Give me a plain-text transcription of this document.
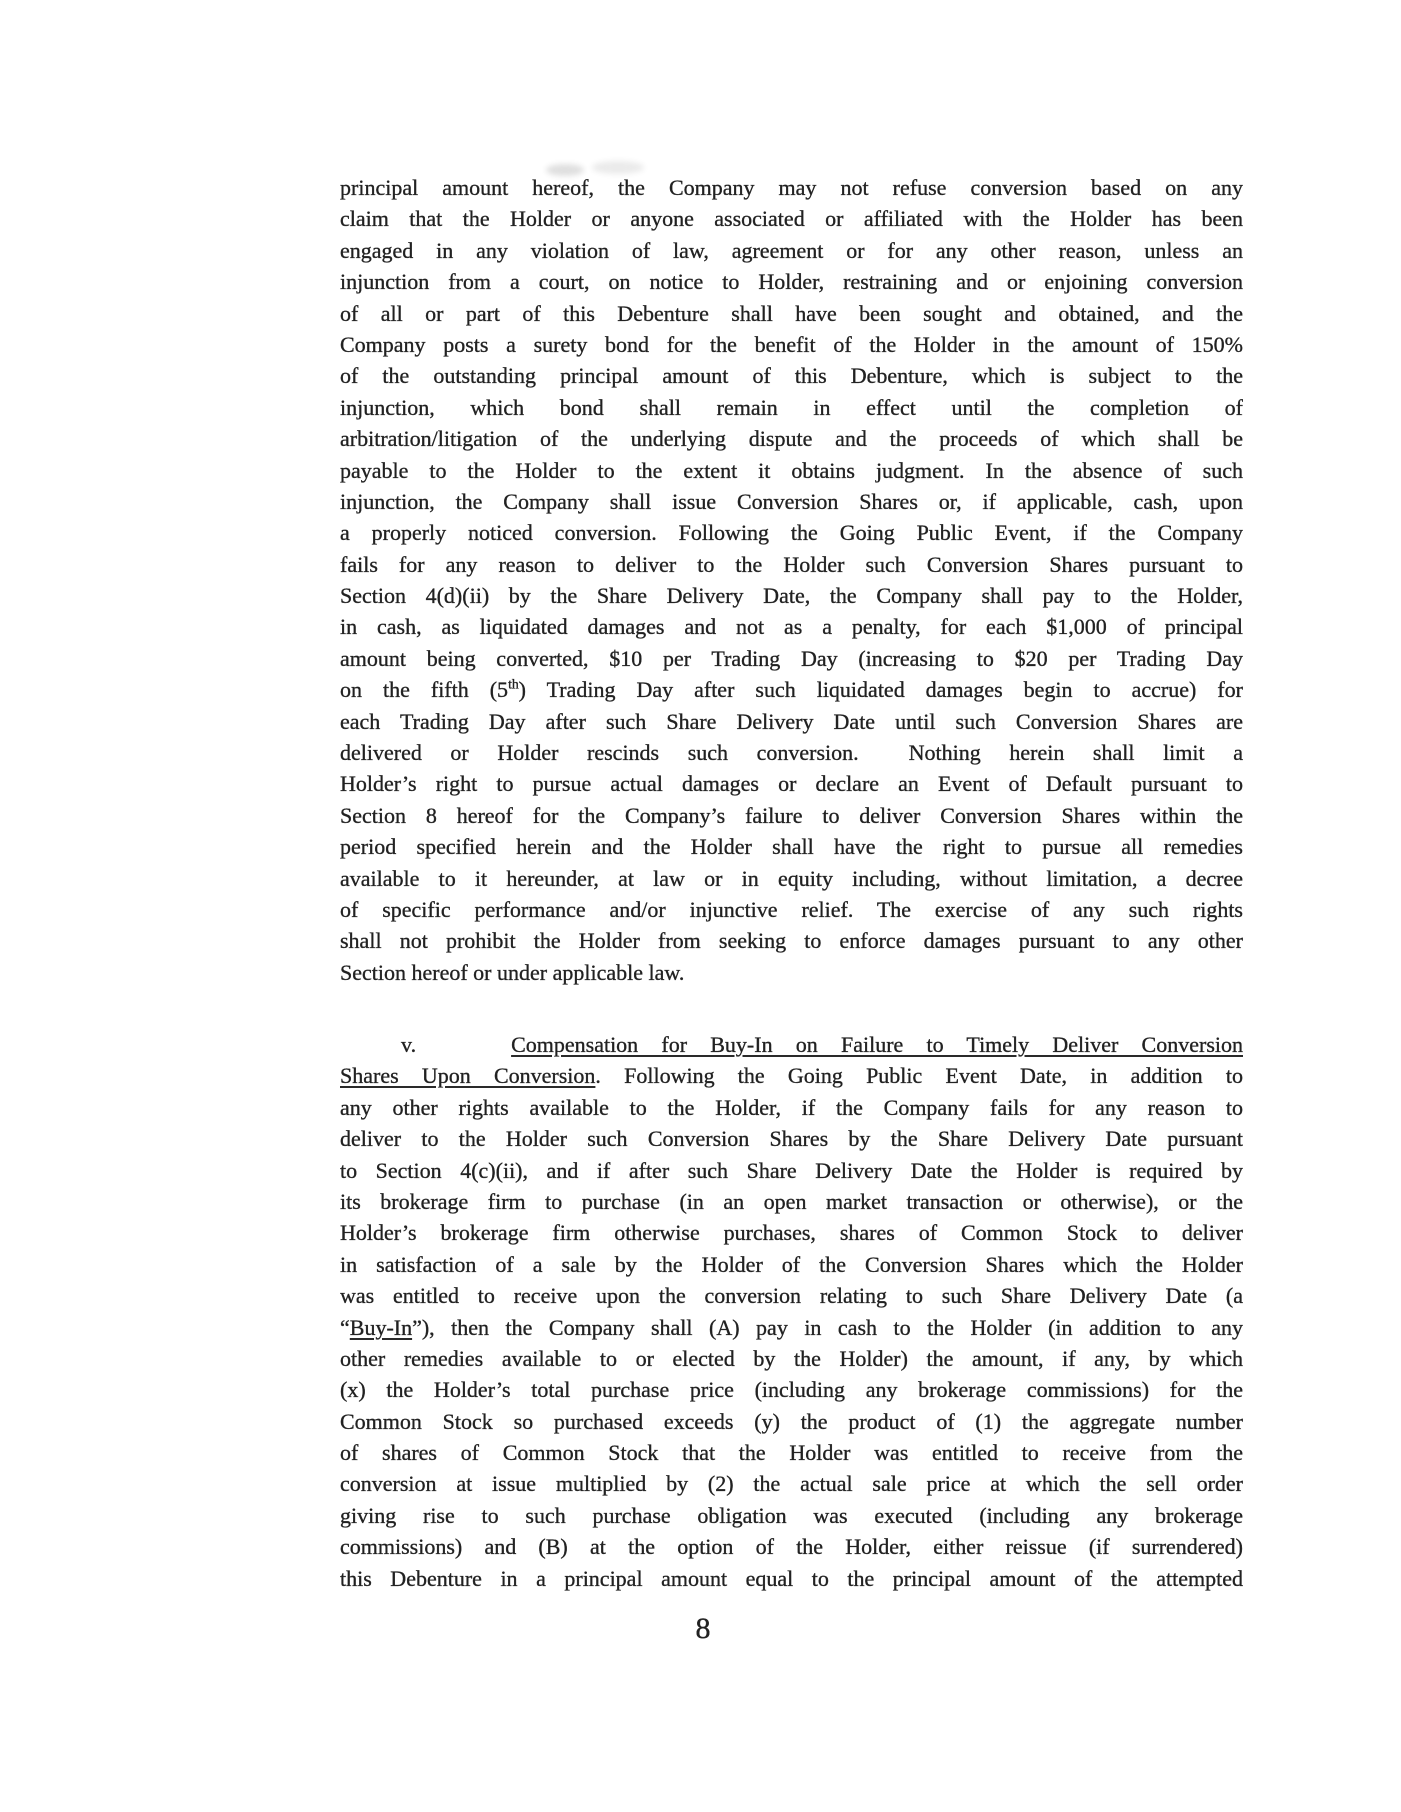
principal amount hereof, the Company may not refuse conversion based on any
claim that the Holder or anyone associated or affiliated with the Holder has been
engaged in any violation of law, agreement or for any other reason, unless an
injunction from a court, on notice to Holder, restraining and or enjoining conversion
of all or part of this Debenture shall have been sought and obtained, and the
Company posts a surety bond for the benefit of the Holder in the amount of 150%
of the outstanding principal amount of this Debenture, which is subject to the
injunction, which bond shall remain in effect until the completion of
arbitration/litigation of the underlying dispute and the proceeds of which shall be
payable to the Holder to the extent it obtains judgment. In the absence of such
injunction, the Company shall issue Conversion Shares or, if applicable, cash, upon
a properly noticed conversion. Following the Going Public Event, if the Company
fails for any reason to deliver to the Holder such Conversion Shares pursuant to
Section 4(d)(ii) by the Share Delivery Date, the Company shall pay to the Holder,
in cash, as liquidated damages and not as a penalty, for each $1,000 of principal
amount being converted, $10 per Trading Day (increasing to $20 per Trading Day
on the fifth (5th) Trading Day after such liquidated damages begin to accrue) for
each Trading Day after such Share Delivery Date until such Conversion Shares are
delivered or Holder rescinds such conversion. Nothing herein shall limit a
Holder’s right to pursue actual damages or declare an Event of Default pursuant to
Section 8 hereof for the Company’s failure to deliver Conversion Shares within the
period specified herein and the Holder shall have the right to pursue all remedies
available to it hereunder, at law or in equity including, without limitation, a decree
of specific performance and/or injunctive relief. The exercise of any such rights
shall not prohibit the Holder from seeking to enforce damages pursuant to any other
Section hereof or under applicable law.
v.	Compensation for Buy-In on Failure to Timely Deliver Conversion
Shares Upon Conversion. Following the Going Public Event Date, in addition to
any other rights available to the Holder, if the Company fails for any reason to
deliver to the Holder such Conversion Shares by the Share Delivery Date pursuant
to Section 4(c)(ii), and if after such Share Delivery Date the Holder is required by
its brokerage firm to purchase (in an open market transaction or otherwise), or the
Holder’s brokerage firm otherwise purchases, shares of Common Stock to deliver
in satisfaction of a sale by the Holder of the Conversion Shares which the Holder
was entitled to receive upon the conversion relating to such Share Delivery Date (a
“Buy-In”), then the Company shall (A) pay in cash to the Holder (in addition to any
other remedies available to or elected by the Holder) the amount, if any, by which
(x) the Holder’s total purchase price (including any brokerage commissions) for the
Common Stock so purchased exceeds (y) the product of (1) the aggregate number
of shares of Common Stock that the Holder was entitled to receive from the
conversion at issue multiplied by (2) the actual sale price at which the sell order
giving rise to such purchase obligation was executed (including any brokerage
commissions) and (B) at the option of the Holder, either reissue (if surrendered)
this Debenture in a principal amount equal to the principal amount of the attempted
8
